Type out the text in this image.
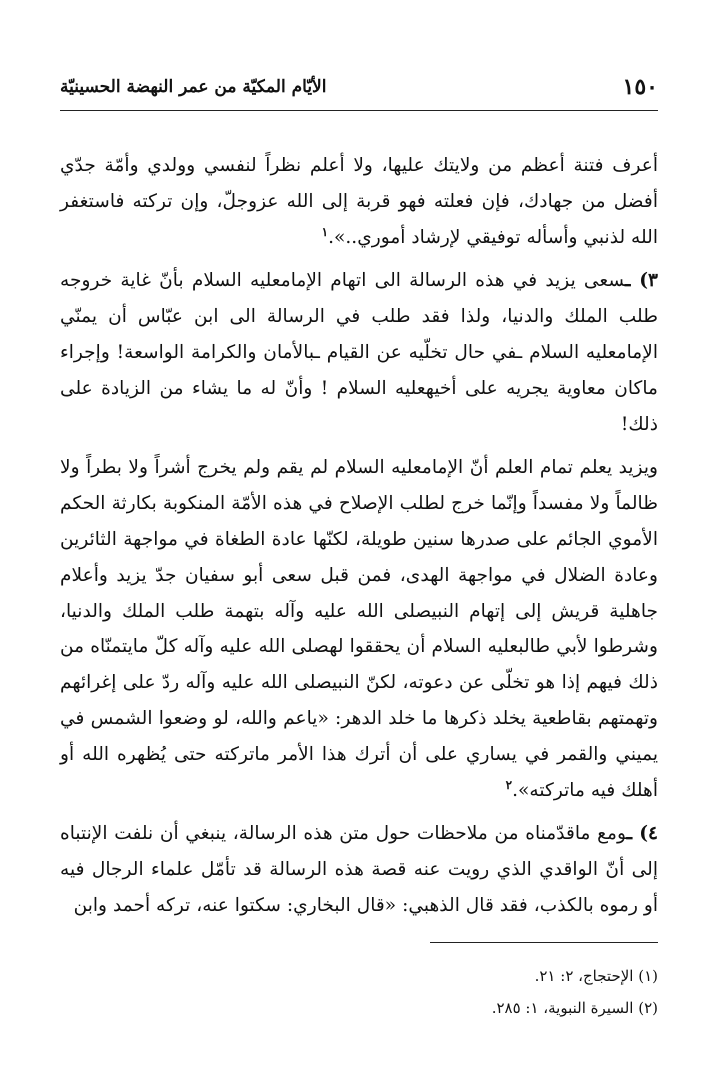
١٥٠
الأيّام المكيّة من عمر النهضة الحسينيّة

أعرف فتنة أعظم من ولايتك عليها، ولا أعلم نظراً لنفسي وولدي وأمّة جدّي أفضل من جهادك، فإن فعلته فهو قربة إلى الله عزوجلّ، وإن تركته فاستغفر الله لذنبي وأسأله توفيقي لإرشاد أموري..».$^١$

٣) ـسعى يزيد في هذه الرسالة الى اتهام الإمامعليه السلام بأنّ غاية خروجه طلب الملك والدنيا، ولذا فقد طلب في الرسالة الى ابن عبّاس أن يمنّي الإمامعليه السلام ـفي حال تخلّيه عن القيام ـبالأمان والكرامة الواسعة! وإجراء ماكان معاوية يجريه على أخيهعليه السلام ! وأنّ له ما يشاء من الزيادة على ذلك!

ويزيد يعلم تمام العلم أنّ الإمامعليه السلام لم يقم ولم يخرج أشراً ولا بطراً ولا ظالماً ولا مفسداً وإنّما خرج لطلب الإصلاح في هذه الأمّة المنكوبة بكارثة الحكم الأموي الجائم على صدرها سنين طويلة، لكنّها عادة الطغاة في مواجهة الثائرين وعادة الضلال في مواجهة الهدى، فمن قبل سعى أبو سفيان جدّ يزيد وأعلام جاهلية قريش إلى إتهام النبيصلى الله عليه وآله بتهمة طلب الملك والدنيا، وشرطوا لأبي طالبعليه السلام أن يحققوا لهصلى الله عليه وآله كلّ مايتمنّاه من ذلك فيهم إذا هو تخلّى عن دعوته، لكنّ النبيصلى الله عليه وآله ردّ على إغرائهم وتهمتهم بقاطعية يخلد ذكرها ما خلد الدهر: «ياعم والله، لو وضعوا الشمس في يميني والقمر في يساري على أن أترك هذا الأمر ماتركته حتى يُظهره الله أو أهلك فيه ماتركته».$^٢$

٤) ـومع ماقدّمناه من ملاحظات حول متن هذه الرسالة، ينبغي أن نلفت الإنتباه إلى أنّ الواقدي الذي رويت عنه قصة هذه الرسالة قد تأمّل علماء الرجال فيه أو رموه بالكذب، فقد قال الذهبي: «قال البخاري: سكتوا عنه، تركه أحمد وابن

(١) الإحتجاج، ٢: ٢١.

(٢) السيرة النبوية، ١: ٢٨٥.
